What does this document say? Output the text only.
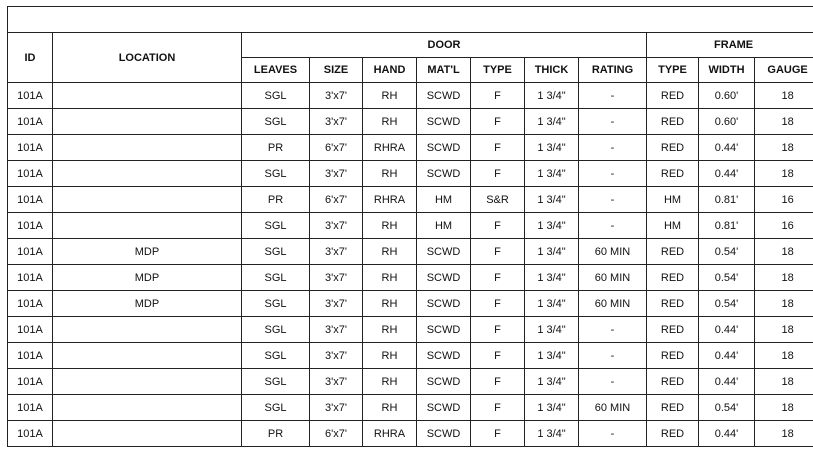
ID	LOCATION	DOOR							FRAME		
		LEAVES	SIZE	HAND	MAT'L	TYPE	THICK	RATING	TYPE	WIDTH	GAUGE
101A		SGL	3'x7'	RH	SCWD	F	1 3/4"	-	RED	0.60'	18
101A		SGL	3'x7'	RH	SCWD	F	1 3/4"	-	RED	0.60'	18
101A		PR	6'x7'	RHRA	SCWD	F	1 3/4"	-	RED	0.44'	18
101A		SGL	3'x7'	RH	SCWD	F	1 3/4"	-	RED	0.44'	18
101A		PR	6'x7'	RHRA	HM	S&R	1 3/4"	-	HM	0.81'	16
101A		SGL	3'x7'	RH	HM	F	1 3/4"	-	HM	0.81'	16
101A	MDP	SGL	3'x7'	RH	SCWD	F	1 3/4"	60 MIN	RED	0.54'	18
101A	MDP	SGL	3'x7'	RH	SCWD	F	1 3/4"	60 MIN	RED	0.54'	18
101A	MDP	SGL	3'x7'	RH	SCWD	F	1 3/4"	60 MIN	RED	0.54'	18
101A		SGL	3'x7'	RH	SCWD	F	1 3/4"	-	RED	0.44'	18
101A		SGL	3'x7'	RH	SCWD	F	1 3/4"	-	RED	0.44'	18
101A		SGL	3'x7'	RH	SCWD	F	1 3/4"	-	RED	0.44'	18
101A		SGL	3'x7'	RH	SCWD	F	1 3/4"	60 MIN	RED	0.54'	18
101A		PR	6'x7'	RHRA	SCWD	F	1 3/4"	-	RED	0.44'	18
